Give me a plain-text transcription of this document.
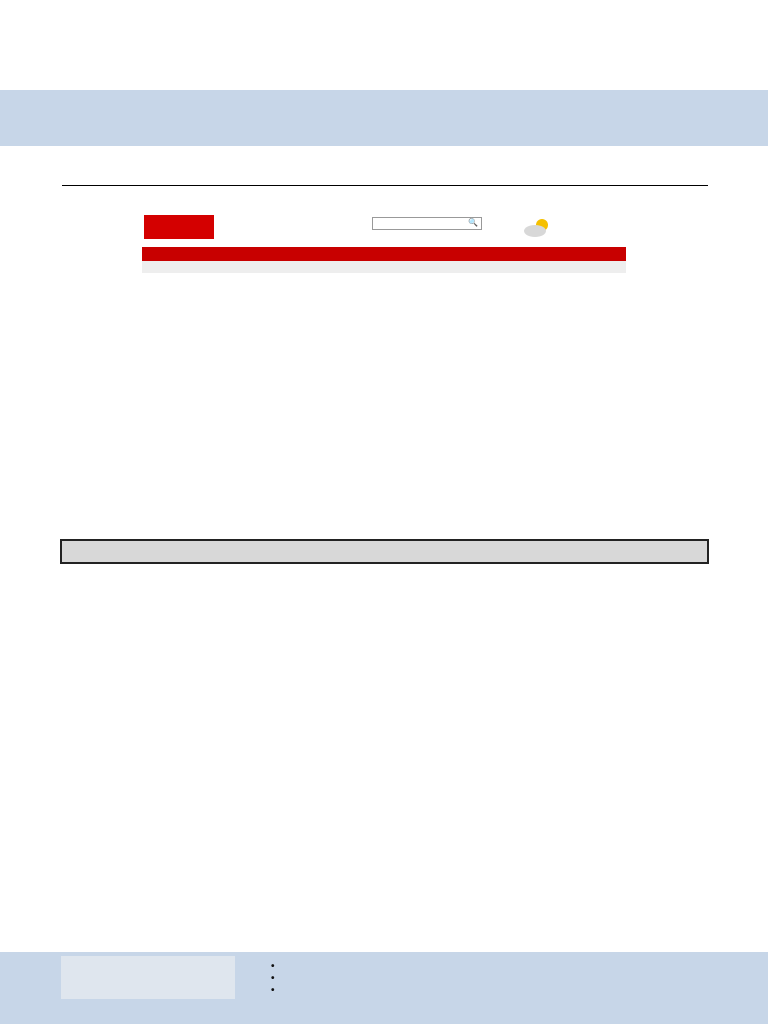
🔍

•
•
•
